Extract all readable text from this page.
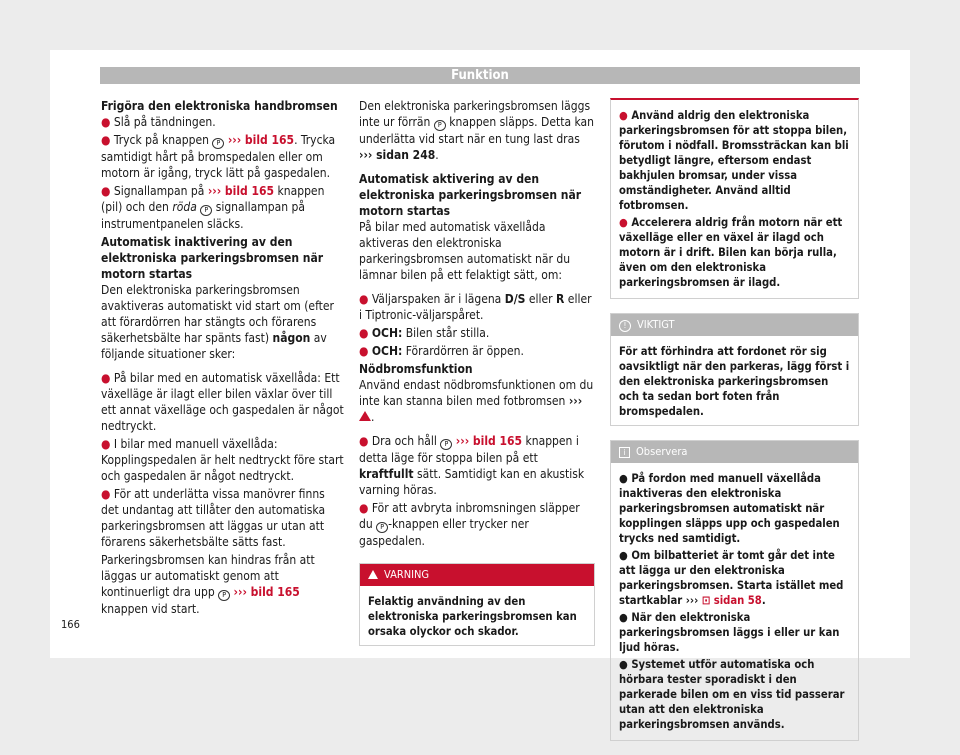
Funktion

Frigöra den elektroniska handbromsen

● Slå på tändningen.
● Tryck på knappen P ››› bild 165. Trycka samtidigt hårt på bromspedalen eller om motorn är igång, tryck lätt på gaspedalen.

● Signallampan på ››› bild 165 knappen (pil) och den röda P signallampan på instrumentpanelen släcks.

Automatisk inaktivering av den elektroniska parkeringsbromsen när motorn startas

Den elektroniska parkeringsbromsen avaktiveras automatiskt vid start om (efter att förardörren har stängts och förarens säkerhetsbälte har spänts fast) någon av följande situationer sker:

● På bilar med en automatisk växellåda: Ett växelläge är ilagt eller bilen växlar över till ett annat växelläge och gaspedalen är något nedtryckt.
● I bilar med manuell växellåda: Kopplingspedalen är helt nedtryckt före start och gaspedalen är något nedtryckt.

● För att underlätta vissa manövrer finns det undantag att tillåter den automatiska parkeringsbromsen att läggas ur utan att förarens säkerhetsbälte sätts fast.

Parkeringsbromsen kan hindras från att läggas ur automatiskt genom att kontinuerligt dra upp P ››› bild 165 knappen vid start.

Den elektroniska parkeringsbromsen läggs inte ur förrän P knappen släpps. Detta kan underlätta vid start när en tung last dras ››› sidan 248.

Automatisk aktivering av den elektroniska parkeringsbromsen när motorn startas

På bilar med automatisk växellåda aktiveras den elektroniska parkeringsbromsen automatiskt när du lämnar bilen på ett felaktigt sätt, om:

● Väljarspaken är i lägena D/S eller R eller i Tiptronic-väljarspåret.
● OCH: Bilen står stilla.

● OCH: Förardörren är öppen.

Nödbromsfunktion

Använd endast nödbromsfunktionen om du inte kan stanna bilen med fotbromsen ››› .

● Dra och håll P ››› bild 165 knappen i detta läge för stoppa bilen på ett kraftfullt sätt. Samtidigt kan en akustisk varning höras.

● För att avbryta inbromsningen släpper du P -knappen eller trycker ner gaspedalen.

VARNING
Felaktig användning av den elektroniska parkeringsbromsen kan orsaka olyckor och skador.
● Använd aldrig den elektroniska parkeringsbromsen för att stoppa bilen, förutom i nödfall. Bromssträckan kan bli betydligt längre, eftersom endast bakhjulen bromsar, under vissa omständigheter. Använd alltid fotbromsen.
● Accelerera aldrig från motorn när ett växelläge eller en växel är ilagd och motorn är i drift. Bilen kan börja rulla, även om den elektroniska parkeringsbromsen är ilagd.
! VIKTIGT
För att förhindra att fordonet rör sig oavsiktligt när den parkeras, lägg först i den elektroniska parkeringsbromsen och ta sedan bort foten från bromspedalen.
i Observera
● På fordon med manuell växellåda inaktiveras den elektroniska parkeringsbromsen automatiskt när kopplingen släpps upp och gaspedalen trycks ned samtidigt.
● Om bilbatteriet är tomt går det inte att lägga ur den elektroniska parkeringsbromsen. Starta istället med startkablar ››› ⊡ sidan 58.
● När den elektroniska parkeringsbromsen läggs i eller ur kan ljud höras.
● Systemet utför automatiska och hörbara tester sporadiskt i den parkerade bilen om en viss tid passerar utan att den elektroniska parkeringsbromsen används.
166
